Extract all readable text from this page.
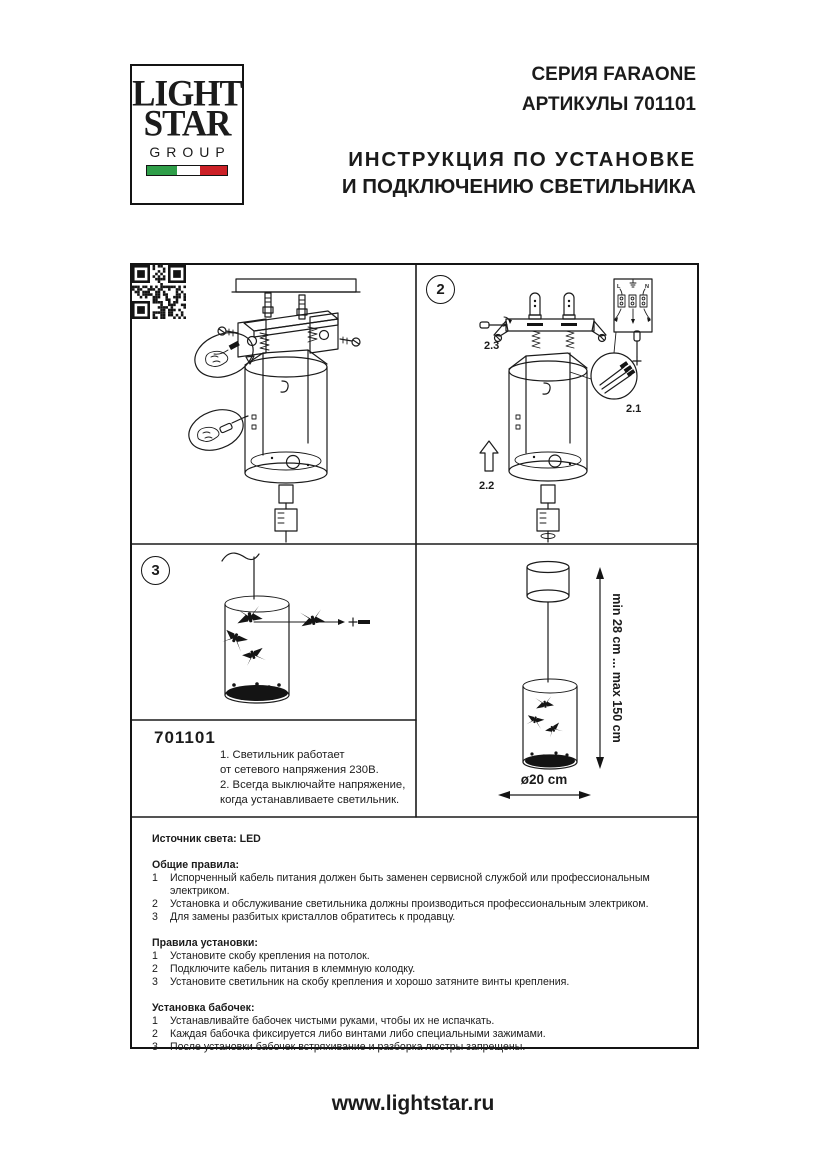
LIGHT
STAR
GROUP
СЕРИЯ FARAONE
АРТИКУЛЫ 701101
ИНСТРУКЦИЯ ПО УСТАНОВКЕ
И ПОДКЛЮЧЕНИЮ СВЕТИЛЬНИКА
L	N
2.1
2.3
2.2
min 28 cm ... max 150 cm
ø20 cm
2
3
701101
1. Светильник работает
от сетевого напряжения 230В.
2. Всегда выключайте напряжение,
когда устанавливаете светильник.
Источник света: LED
Общие правила:
1	Испорченный кабель питания должен быть заменен сервисной службой или профессиональным электриком.
2	Установка и обслуживание светильника должны производиться профессиональным электриком.
3	Для замены разбитых кристаллов обратитесь к продавцу.
Правила установки:
1	Установите скобу крепления на потолок.
2	Подключите кабель питания в клеммную колодку.
3	Установите светильник на скобу крепления и хорошо затяните винты крепления.
Установка бабочек:
1	Устанавливайте бабочек чистыми руками, чтобы их не испачкать.
2	Каждая бабочка фиксируется либо винтами либо специальными зажимами.
3	После установки бабочек встряхивание и разборка люстры запрещены.
www.lightstar.ru
